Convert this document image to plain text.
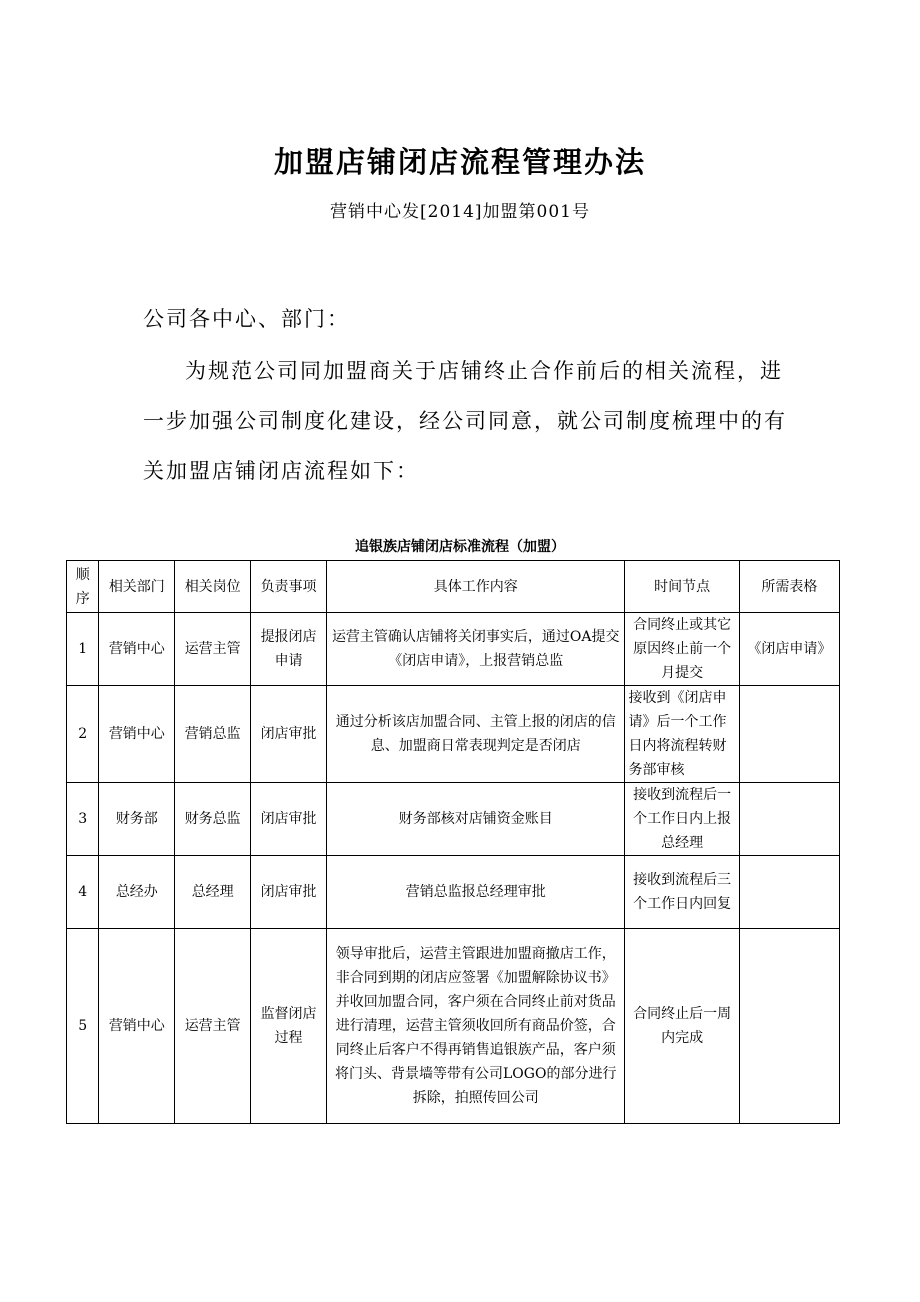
加盟店铺闭店流程管理办法
营销中心发[2014]加盟第001号
公司各中心、部门：

为规范公司同加盟商关于店铺终止合作前后的相关流程，进一步加强公司制度化建设，经公司同意，就公司制度梳理中的有关加盟店铺闭店流程如下：

追银族店铺闭店标准流程（加盟）
顺序	相关部门	相关岗位	负责事项	具体工作内容	时间节点	所需表格
1	营销中心	运营主管	提报闭店申请	运营主管确认店铺将关闭事实后，通过OA提交《闭店申请》，上报营销总监	合同终止或其它原因终止前一个月提交	《闭店申请》
2	营销中心	营销总监	闭店审批	通过分析该店加盟合同、主管上报的闭店的信息、加盟商日常表现判定是否闭店	接收到《闭店申请》后一个工作日内将流程转财务部审核	
3	财务部	财务总监	闭店审批	财务部核对店铺资金账目	接收到流程后一个工作日内上报总经理	
4	总经办	总经理	闭店审批	营销总监报总经理审批	接收到流程后三个工作日内回复	
5	营销中心	运营主管	监督闭店过程	领导审批后，运营主管跟进加盟商撤店工作，非合同到期的闭店应签署《加盟解除协议书》并收回加盟合同，客户须在合同终止前对货品进行清理，运营主管须收回所有商品价签，合同终止后客户不得再销售追银族产品，客户须将门头、背景墙等带有公司LOGO的部分进行拆除，拍照传回公司	合同终止后一周内完成	
